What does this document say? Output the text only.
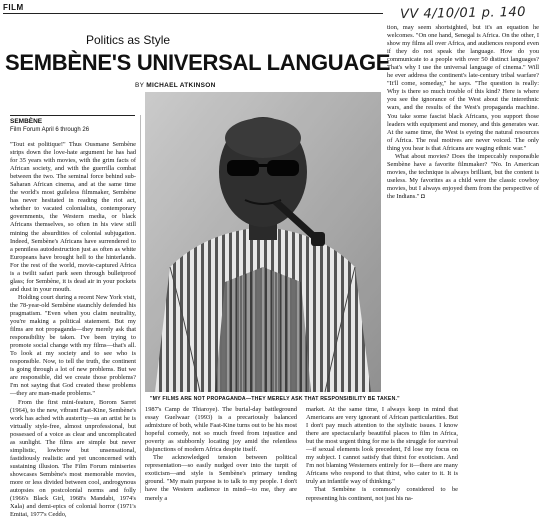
FILM	VV 4/10/01 p. 140
Politics as Style
SEMBÈNE'S UNIVERSAL LANGUAGE
BY MICHAEL ATKINSON
SEMBÈNE
Film Forum April 6 through 26

"Tout est politique!" Thus Ousmane Sembène strips down the love-hate argument he has had for 35 years with movies, with the grim facts of African society, and with the guerrilla combat between the two. The seminal force behind sub-Saharan African cinema, and at the same time the world's most guileless filmmaker, Sembène has never hesitated in reading the riot act, whether to vacated colonialists, contemporary governments, the Western media, or black Africans themselves, so often in his view still mining the absurdities of colonial subjugation. Indeed, Sembène's Africans have surrendered to a penniless autodestruction just as often as white Europeans have brought hell to the hinterlands. For the rest of the world, movie-captured Africa is a twilit safari park seen through bulletproof glass; for Sembène, it is dead air in your pockets and dust in your mouth.

Holding court during a recent New York visit, the 78-year-old Sembène staunchly defended his pragmatism. "Even when you claim neutrality, you're making a political statement. But my films are not propaganda—they merely ask that responsibility be taken. I've been trying to promote social change with my films—that's all. To look at my society and to see who is responsible. Now, to tell the truth, the continent is going through a lot of new problems. But we are responsible, did we create those problems? I'm not saying that God created these problems—they are man-made problems."

From the first mini-feature, Borom Sarret (1964), to the new, vibrant Faat-Kine, Sembène's work has ached with austerity—as an artist he is virtually style-free, almost unprofessional, but possessed of a voice as clear and uncomplicated as sunlight. The films are simple but never simplistic, lowbrow but unsensational, fastidiously realistic and yet unconcerned with sustaining illusion. The Film Forum miniseries showcases Sembène's most memorable movies, more or less divided between cool, androgynous autopsies on postcolonial norms and folly (1966's Black Girl, 1968's Mandabi, 1974's Xala) and demi-epics of colonial horror (1971's Emitai, 1977's Ceddo,

"MY FILMS ARE NOT PROPAGANDA—THEY MERELY ASK THAT RESPONSIBILITY BE TAKEN."

1987's Camp de Thiaroye). The burial-day battleground essay Guelwaar (1993) is a precariously balanced admixture of both, while Faat-Kine turns out to be his most hopeful comedy, not so much freed from injustice and poverty as stubbornly locating joy amid the relentless disjunctions of modern Africa despite itself.

The acknowledged tension between political representation—so easily nudged over into the turpit of exoticism—and style is Sembène's primary tending ground. "My main purpose is to talk to my people. I don't have the Western audience in mind—to me, they are merely a

market. At the same time, I always keep in mind that Americans are very ignorant of African particularities. But I don't pay much attention to the stylistic issues. I know there are spectacularly beautiful places to film in Africa, but the most urgent thing for me is the struggle for survival—if sexual elements look precedent, I'd lose my focus on my subject. I cannot satisfy that thirst for exoticism. And I'm not blaming Westerners entirely for it—there are many Africans who respond to that thirst, who cater to it. It is truly an infantile way of thinking."

That Sembène is commonly considered to be representing his continent, not just his na-

tion, may seem shortsighted, but it's an equation he welcomes. "On one hand, Senegal is Africa. On the other, I show my films all over Africa, and audiences respond even if they do not speak the language. How do you communicate to a people with over 50 distinct languages? That's why I use the universal language of cinema." Will he ever address the continent's late-century tribal warfare? "It'll come, someday," he says. "The question is really: Why is there so much trouble of this kind? Here is where you see the ignorance of the West about the interethnic wars, and the results of the West's propaganda machine. You take some fascist black Africans, you support those leaders with equipment and money, and this generates war. At the same time, the West is eyeing the natural resources of Africa. The real motives are never voiced. The only thing you hear is that Africans are waging ethnic war."

What about movies? Does the impeccably responsible Sembène have a favorite filmmaker? "No. In American movies, the technique is always brilliant, but the content is useless. My favorites as a child were the classic cowboy movies, but I always enjoyed them from the perspective of the Indians." ◘
